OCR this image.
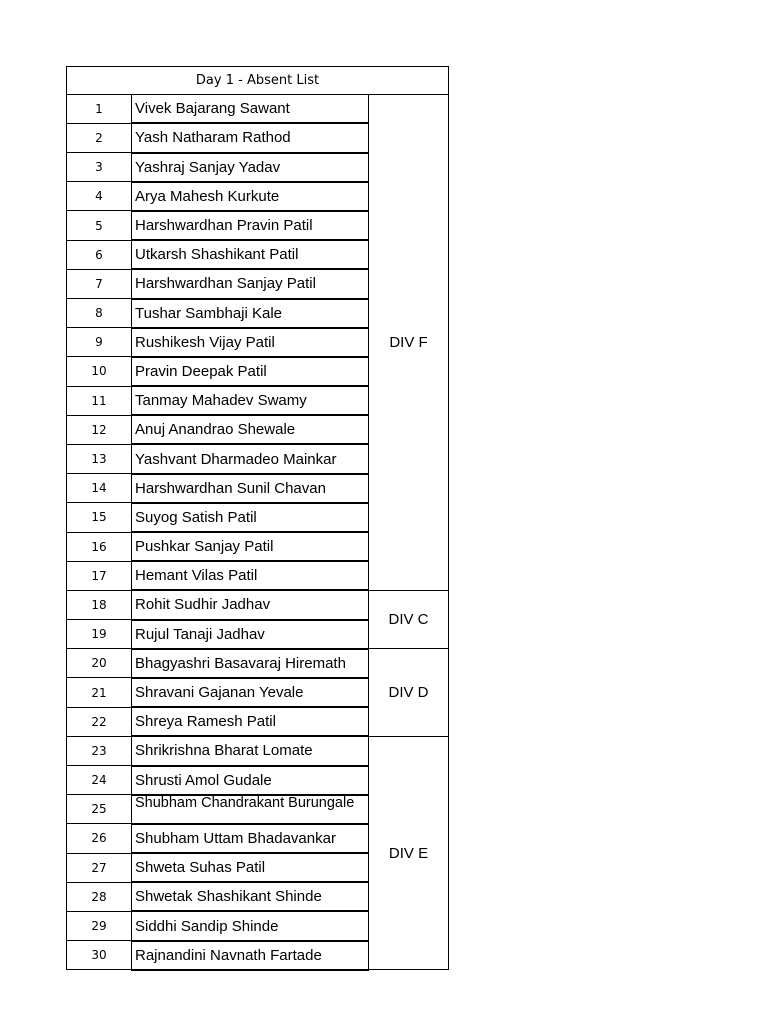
Day 1 - Absent List		
1	Vivek Bajarang Sawant	DIV F
2	Yash Natharam Rathod	
3	Yashraj Sanjay Yadav	
4	Arya Mahesh Kurkute	
5	Harshwardhan Pravin Patil	
6	Utkarsh Shashikant Patil	
7	Harshwardhan Sanjay Patil	
8	Tushar Sambhaji Kale	
9	Rushikesh Vijay Patil	
10	Pravin Deepak Patil	
11	Tanmay Mahadev Swamy	
12	Anuj Anandrao Shewale	
13	Yashvant Dharmadeo Mainkar	
14	Harshwardhan Sunil Chavan	
15	Suyog Satish Patil	
16	Pushkar Sanjay Patil	
17	Hemant Vilas Patil	
18	Rohit Sudhir Jadhav	DIV C
19	Rujul Tanaji Jadhav	
20	Bhagyashri Basavaraj Hiremath	DIV D
21	Shravani Gajanan Yevale	
22	Shreya Ramesh Patil	
23	Shrikrishna Bharat Lomate	DIV E
24	Shrusti Amol Gudale	
25	Shubham Chandrakant Burungale	
26	Shubham Uttam Bhadavankar	
27	Shweta Suhas Patil	
28	Shwetak Shashikant Shinde	
29	Siddhi Sandip Shinde	
30	Rajnandini Navnath Fartade	
